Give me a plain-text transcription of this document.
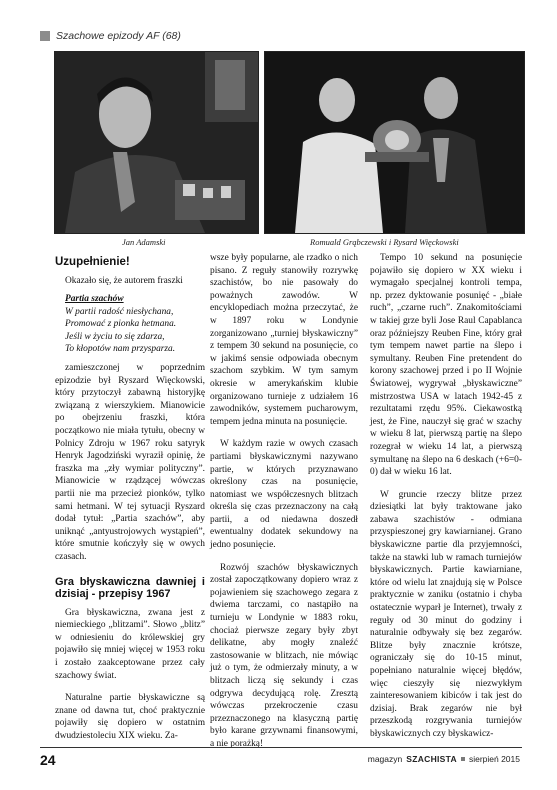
Szachowe epizody AF (68)
Jan Adamski	Romuald Grąbczewski i Rysard Więckowski
Uzupełnienie!

Okazało się, że autorem fraszki

Partia szachów
W partii radość niesłychana,
Promować z pionka hetmana.
Jeśli w życiu to się zdarza,
To kłopotów nam przysparza.

zamieszczonej w poprzednim epizodzie był Ryszard Więckowski, który przytoczył zabawną historyjkę związaną z wierszykiem. Mianowicie po obejrzeniu fraszki, która początkowo nie miała tytułu, obecny w Polnicy Zdroju w 1967 roku satyryk Henryk Jagodziński wyraził opinię, że fraszka ma „zły wymiar polityczny”. Mianowicie w rządzącej wówczas partii nie ma przecież pionków, tylko sami hetmani. W tej sytuacji Ryszard dodał tytuł: „Partia szachów”, aby uniknąć „antyustrojowych wystąpień”, które smutnie kończyły się w owych czasach.

Gra błyskawiczna dawniej i dzisiaj - przepisy 1967

Gra błyskawiczna, zwana jest z niemieckiego „blitzami”. Słowo „blitz” w odniesieniu do królewskiej gry pojawiło się mniej więcej w 1953 roku i zostało zaakceptowane przez cały szachowy świat.

Naturalne partie błyskawiczne są znane od dawna tut, choć praktycznie pojawiły się dopiero w ostatnim dwudziestoleciu XIX wieku. Za-

wsze były popularne, ale rzadko o nich pisano. Z reguły stanowiły rozrywkę szachistów, bo nie pasowały do poważnych zawodów. W encyklopediach można przeczytać, że w 1897 roku w Londynie zorganizowano „turniej błyskawiczny” z tempem 30 sekund na posunięcie, co w jakimś sensie odpowiada obecnym szachom szybkim. W tym samym okresie w amerykańskim klubie organizowano turnieje z udziałem 16 zawodników, systemem pucharowym, tempem jedna minuta na posunięcie.

W każdym razie w owych czasach partiami błyskawicznymi nazywano partie, w których przyznawano określony czas na posunięcie, natomiast we współczesnych blitzach określa się czas przeznaczony na całą partii, a od niedawna doszedł ewentualny dodatek sekundowy na jedno posunięcie.

Rozwój szachów błyskawicznych został zapoczątkowany dopiero wraz z pojawieniem się szachowego zegara z dwiema tarczami, co nastąpiło na turnieju w Londynie w 1883 roku, chociaż pierwsze zegary były zbyt delikatne, aby mogły znaleźć zastosowanie w blitzach, nie mówiąc już o tym, że odmierzały minuty, a w blitzach liczą się sekundy i czas odgrywa decydującą rolę. Zresztą wówczas przekroczenie czasu przeznaczonego na klasyczną partię było karane grzywnami finansowymi, a nie porażką!

Tempo 10 sekund na posunięcie pojawiło się dopiero w XX wieku i wymagało specjalnej kontroli tempa, np. przez dyktowanie posunięć - „białe ruch”, „czarne ruch”. Znakomitościami w takiej grze byli Jose Raul Capablanca oraz późniejszy Reuben Fine, który grał tym tempem nawet partie na ślepo i symultany. Reuben Fine pretendent do korony szachowej przed i po II Wojnie Światowej, wygrywał „błyskawiczne” mistrzostwa USA w latach 1942-45 z rezultatami rzędu 95%. Ciekawostką jest, że Fine, nauczył się grać w szachy w wieku 8 lat, pierwszą partię na ślepo rozegrał w wieku 14 lat, a pierwszą symultanę na ślepo na 6 deskach (+6=0-0) dał w wieku 16 lat.

W gruncie rzeczy blitze przez dziesiątki lat były traktowane jako zabawa szachistów - odmiana przyspieszonej gry kawiarnianej. Grano błyskawiczne partie dla przyjemności, także na stawki lub w ramach turniejów błyskawicznych. Partie kawiarniane, które od wielu lat znajdują się w Polsce praktycznie w zaniku (ostatnio i chyba ostatecznie wyparł je Internet), trwały z reguły od 30 minut do godziny i naturalnie odbywały się bez zegarów. Blitze były znacznie krótsze, ograniczały się do 10-15 minut, popełniano naturalnie więcej błędów, więc cieszyły się niezwykłym zainteresowaniem kibiców i tak jest do dzisiaj. Brak zegarów nie był przeszkodą rozgrywania turniejów błyskawicznych czy błyskawicz-

24	magazyn SZACHISTA sierpień 2015
